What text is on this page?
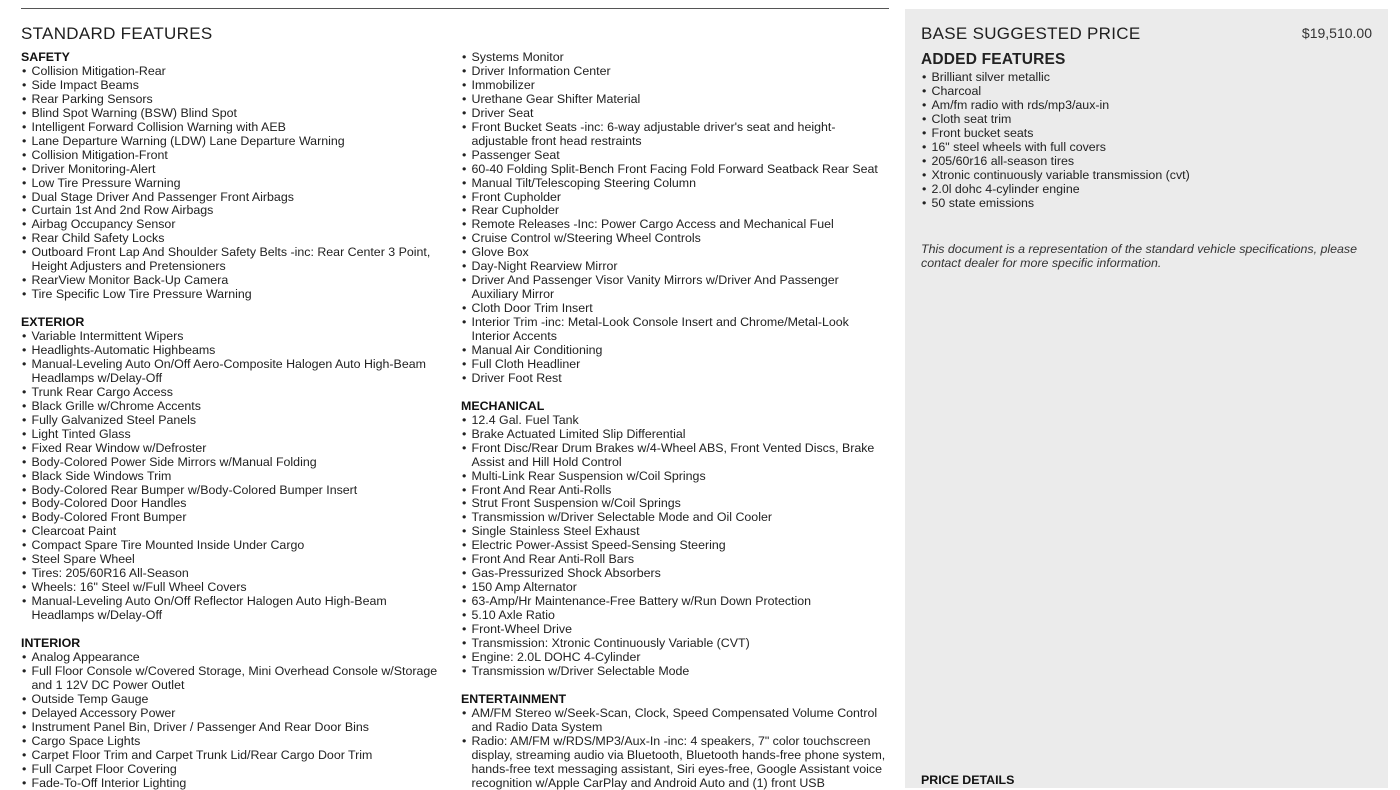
STANDARD FEATURES
SAFETY
• Collision Mitigation-Rear
• Side Impact Beams
• Rear Parking Sensors
• Blind Spot Warning (BSW) Blind Spot
• Intelligent Forward Collision Warning with AEB
• Lane Departure Warning (LDW) Lane Departure Warning
• Collision Mitigation-Front
• Driver Monitoring-Alert
• Low Tire Pressure Warning
• Dual Stage Driver And Passenger Front Airbags
• Curtain 1st And 2nd Row Airbags
• Airbag Occupancy Sensor
• Rear Child Safety Locks
• Outboard Front Lap And Shoulder Safety Belts -inc: Rear Center 3 Point,
Height Adjusters and Pretensioners
• RearView Monitor Back-Up Camera
• Tire Specific Low Tire Pressure Warning
EXTERIOR
• Variable Intermittent Wipers
• Headlights-Automatic Highbeams
• Manual-Leveling Auto On/Off Aero-Composite Halogen Auto High-Beam
Headlamps w/Delay-Off
• Trunk Rear Cargo Access
• Black Grille w/Chrome Accents
• Fully Galvanized Steel Panels
• Light Tinted Glass
• Fixed Rear Window w/Defroster
• Body-Colored Power Side Mirrors w/Manual Folding
• Black Side Windows Trim
• Body-Colored Rear Bumper w/Body-Colored Bumper Insert
• Body-Colored Door Handles
• Body-Colored Front Bumper
• Clearcoat Paint
• Compact Spare Tire Mounted Inside Under Cargo
• Steel Spare Wheel
• Tires: 205/60R16 All-Season
• Wheels: 16" Steel w/Full Wheel Covers
• Manual-Leveling Auto On/Off Reflector Halogen Auto High-Beam
Headlamps w/Delay-Off
INTERIOR
• Analog Appearance
• Full Floor Console w/Covered Storage, Mini Overhead Console w/Storage
and 1 12V DC Power Outlet
• Outside Temp Gauge
• Delayed Accessory Power
• Instrument Panel Bin, Driver / Passenger And Rear Door Bins
• Cargo Space Lights
• Carpet Floor Trim and Carpet Trunk Lid/Rear Cargo Door Trim
• Full Carpet Floor Covering
• Fade-To-Off Interior Lighting
• Systems Monitor
• Driver Information Center
• Immobilizer
• Urethane Gear Shifter Material
• Driver Seat
• Front Bucket Seats -inc: 6-way adjustable driver's seat and height-
adjustable front head restraints
• Passenger Seat
• 60-40 Folding Split-Bench Front Facing Fold Forward Seatback Rear Seat
• Manual Tilt/Telescoping Steering Column
• Front Cupholder
• Rear Cupholder
• Remote Releases -Inc: Power Cargo Access and Mechanical Fuel
• Cruise Control w/Steering Wheel Controls
• Glove Box
• Day-Night Rearview Mirror
• Driver And Passenger Visor Vanity Mirrors w/Driver And Passenger
Auxiliary Mirror
• Cloth Door Trim Insert
• Interior Trim -inc: Metal-Look Console Insert and Chrome/Metal-Look
Interior Accents
• Manual Air Conditioning
• Full Cloth Headliner
• Driver Foot Rest
MECHANICAL
• 12.4 Gal. Fuel Tank
• Brake Actuated Limited Slip Differential
• Front Disc/Rear Drum Brakes w/4-Wheel ABS, Front Vented Discs, Brake
Assist and Hill Hold Control
• Multi-Link Rear Suspension w/Coil Springs
• Front And Rear Anti-Rolls
• Strut Front Suspension w/Coil Springs
• Transmission w/Driver Selectable Mode and Oil Cooler
• Single Stainless Steel Exhaust
• Electric Power-Assist Speed-Sensing Steering
• Front And Rear Anti-Roll Bars
• Gas-Pressurized Shock Absorbers
• 150 Amp Alternator
• 63-Amp/Hr Maintenance-Free Battery w/Run Down Protection
• 5.10 Axle Ratio
• Front-Wheel Drive
• Transmission: Xtronic Continuously Variable (CVT)
• Engine: 2.0L DOHC 4-Cylinder
• Transmission w/Driver Selectable Mode
ENTERTAINMENT
• AM/FM Stereo w/Seek-Scan, Clock, Speed Compensated Volume Control
and Radio Data System
• Radio: AM/FM w/RDS/MP3/Aux-In -inc: 4 speakers, 7" color touchscreen
display, streaming audio via Bluetooth, Bluetooth hands-free phone system,
hands-free text messaging assistant, Siri eyes-free, Google Assistant voice
recognition w/Apple CarPlay and Android Auto and (1) front USB
BASE SUGGESTED PRICE	$19,510.00
ADDED FEATURES
• Brilliant silver metallic
• Charcoal
• Am/fm radio with rds/mp3/aux-in
• Cloth seat trim
• Front bucket seats
• 16" steel wheels with full covers
• 205/60r16 all-season tires
• Xtronic continuously variable transmission (cvt)
• 2.0l dohc 4-cylinder engine
• 50 state emissions
This document is a representation of the standard vehicle specifications, please contact dealer for more specific information.
PRICE DETAILS
